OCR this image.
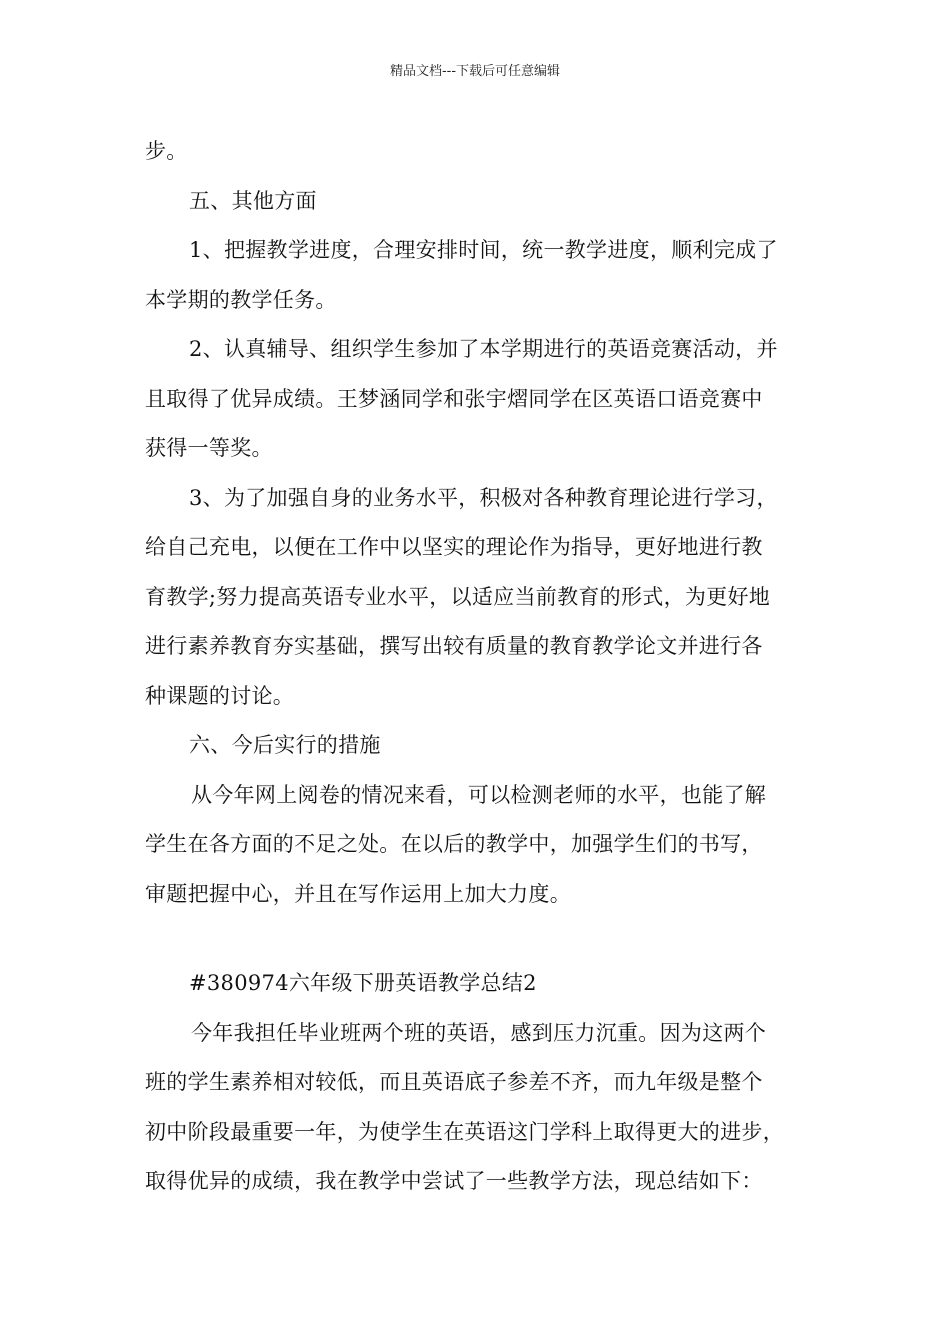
精品文档---下载后可任意编辑
步。
五、其他方面
1、把握教学进度，合理安排时间，统一教学进度，顺利完成了
本学期的教学任务。
2、认真辅导、组织学生参加了本学期进行的英语竞赛活动，并
且取得了优异成绩。王梦涵同学和张宇熠同学在区英语口语竞赛中
获得一等奖。
3、为了加强自身的业务水平，积极对各种教育理论进行学习，
给自己充电，以便在工作中以坚实的理论作为指导，更好地进行教
育教学;努力提高英语专业水平，以适应当前教育的形式，为更好地
进行素养教育夯实基础，撰写出较有质量的教育教学论文并进行各
种课题的讨论。
六、今后实行的措施
从今年网上阅卷的情况来看，可以检测老师的水平，也能了解
学生在各方面的不足之处。在以后的教学中，加强学生们的书写，
审题把握中心，并且在写作运用上加大力度。
#380974六年级下册英语教学总结2
今年我担任毕业班两个班的英语，感到压力沉重。因为这两个
班的学生素养相对较低，而且英语底子参差不齐，而九年级是整个
初中阶段最重要一年，为使学生在英语这门学科上取得更大的进步，
取得优异的成绩，我在教学中尝试了一些教学方法，现总结如下：
